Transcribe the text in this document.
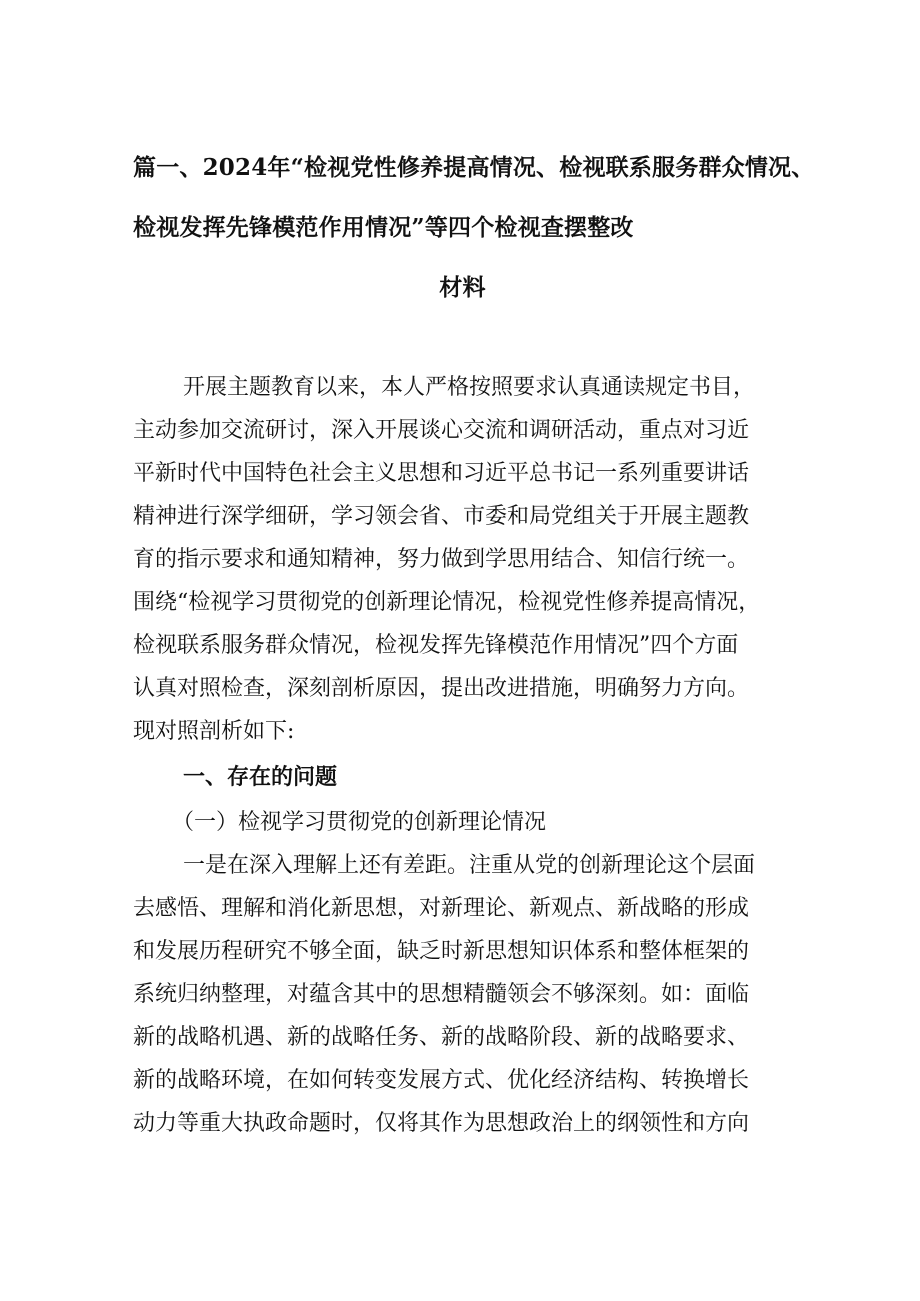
篇一、2024年“检视党性修养提高情况、检视联系服务群众情况、
检视发挥先锋模范作用情况”等四个检视查摆整改
材料
开展主题教育以来，本人严格按照要求认真通读规定书目，
主动参加交流研讨，深入开展谈心交流和调研活动，重点对习近
平新时代中国特色社会主义思想和习近平总书记一系列重要讲话
精神进行深学细研，学习领会省、市委和局党组关于开展主题教
育的指示要求和通知精神，努力做到学思用结合、知信行统一。
围绕“检视学习贯彻党的创新理论情况，检视党性修养提高情况，
检视联系服务群众情况，检视发挥先锋模范作用情况”四个方面
认真对照检查，深刻剖析原因，提出改进措施，明确努力方向。
现对照剖析如下:
一、存在的问题
（一）检视学习贯彻党的创新理论情况
一是在深入理解上还有差距。注重从党的创新理论这个层面
去感悟、理解和消化新思想，对新理论、新观点、新战略的形成
和发展历程研究不够全面，缺乏时新思想知识体系和整体框架的
系统归纳整理，对蕴含其中的思想精髓领会不够深刻。如：面临
新的战略机遇、新的战略任务、新的战略阶段、新的战略要求、
新的战略环境，在如何转变发展方式、优化经济结构、转换增长
动力等重大执政命题时，仅将其作为思想政治上的纲领性和方向
